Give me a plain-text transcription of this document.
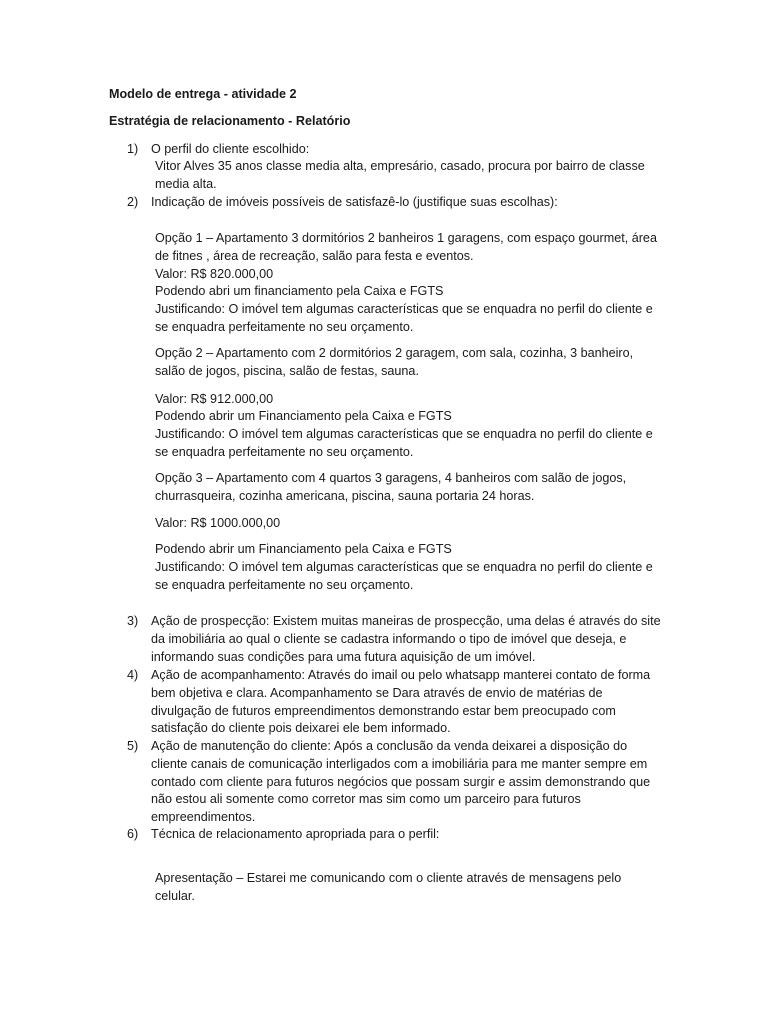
Modelo de entrega - atividade 2

Estratégia de relacionamento - Relatório

1) O perfil do cliente escolhido:

Vitor Alves 35 anos classe media alta, empresário, casado, procura por bairro de classe media alta.

2) Indicação de imóveis possíveis de satisfazê-lo (justifique suas escolhas):

Opção 1 – Apartamento 3 dormitórios 2 banheiros 1 garagens, com espaço gourmet, área de fitnes , área de recreação, salão para festa e eventos.

Valor: R$ 820.000,00

Podendo abri um financiamento pela Caixa e FGTS

Justificando: O imóvel tem algumas características que se enquadra no perfil do cliente e se enquadra perfeitamente no seu orçamento.

Opção 2 – Apartamento com 2 dormitórios 2 garagem, com sala, cozinha, 3 banheiro, salão de jogos, piscina, salão de festas, sauna.

Valor: R$ 912.000,00

Podendo abrir um Financiamento pela Caixa e FGTS

Justificando: O imóvel tem algumas características que se enquadra no perfil do cliente e se enquadra perfeitamente no seu orçamento.

Opção 3 – Apartamento com 4 quartos 3 garagens, 4 banheiros com salão de jogos, churrasqueira, cozinha americana, piscina, sauna portaria 24 horas.

Valor: R$ 1000.000,00

Podendo abrir um Financiamento pela Caixa e FGTS

Justificando: O imóvel tem algumas características que se enquadra no perfil do cliente e se enquadra perfeitamente no seu orçamento.

3) Ação de prospecção: Existem muitas maneiras de prospecção, uma delas é através do site da imobiliária ao qual o cliente se cadastra informando o tipo de imóvel que deseja, e informando suas condições para uma futura aquisição de um imóvel.
4) Ação de acompanhamento: Através do imail ou pelo whatsapp manterei contato de forma bem objetiva e clara. Acompanhamento se Dara através de envio de matérias de divulgação de futuros empreendimentos demonstrando estar bem preocupado com satisfação do cliente pois deixarei ele bem informado.
5) Ação de manutenção do cliente: Após a conclusão da venda deixarei a disposição do cliente canais de comunicação interligados com a imobiliária para me manter sempre em contado com cliente para futuros negócios que possam surgir e assim demonstrando que não estou ali somente como corretor mas sim como um parceiro para futuros empreendimentos.
6) Técnica de relacionamento apropriada para o perfil:

Apresentação – Estarei me comunicando com o cliente através de mensagens pelo celular.
